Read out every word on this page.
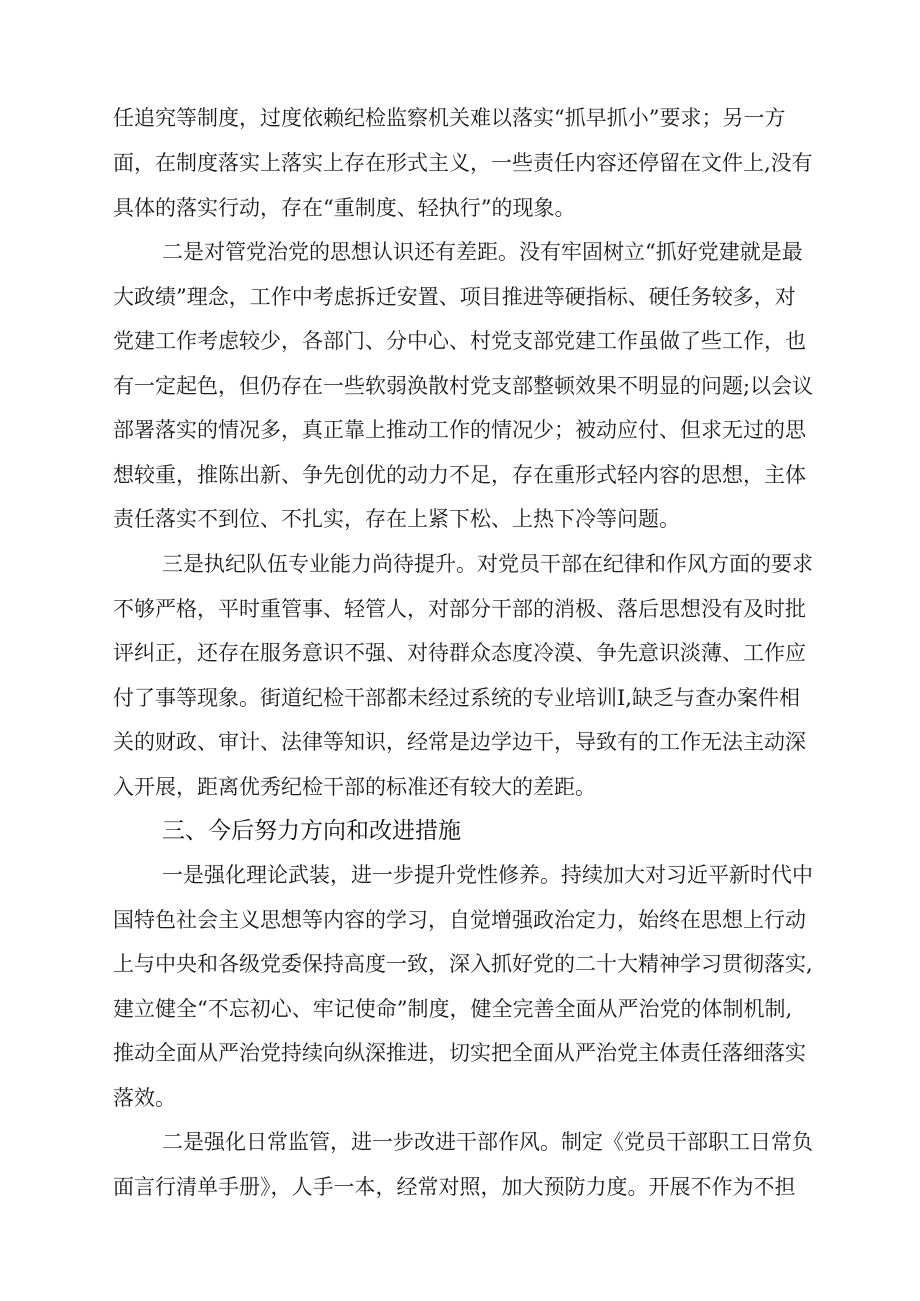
任追究等制度，过度依赖纪检监察机关难以落实“抓早抓小”要求；另一方

面，在制度落实上落实上存在形式主义，一些责任内容还停留在文件上,没有

具体的落实行动，存在“重制度、轻执行”的现象。

二是对管党治党的思想认识还有差距。没有牢固树立“抓好党建就是最

大政绩”理念，工作中考虑拆迁安置、项目推进等硬指标、硬任务较多，对

党建工作考虑较少，各部门、分中心、村党支部党建工作虽做了些工作，也

有一定起色，但仍存在一些软弱涣散村党支部整顿效果不明显的问题;以会议

部署落实的情况多，真正靠上推动工作的情况少；被动应付、但求无过的思

想较重，推陈出新、争先创优的动力不足，存在重形式轻内容的思想，主体

责任落实不到位、不扎实，存在上紧下松、上热下冷等问题。

三是执纪队伍专业能力尚待提升。对党员干部在纪律和作风方面的要求

不够严格，平时重管事、轻管人，对部分干部的消极、落后思想没有及时批

评纠正，还存在服务意识不强、对待群众态度冷漠、争先意识淡薄、工作应

付了事等现象。街道纪检干部都未经过系统的专业培训I,缺乏与查办案件相

关的财政、审计、法律等知识，经常是边学边干，导致有的工作无法主动深

入开展，距离优秀纪检干部的标准还有较大的差距。

三、今后努力方向和改进措施

一是强化理论武装，进一步提升党性修养。持续加大对习近平新时代中

国特色社会主义思想等内容的学习，自觉增强政治定力，始终在思想上行动

上与中央和各级党委保持高度一致，深入抓好党的二十大精神学习贯彻落实,

建立健全“不忘初心、牢记使命”制度，健全完善全面从严治党的体制机制,

推动全面从严治党持续向纵深推进，切实把全面从严治党主体责任落细落实

落效。

二是强化日常监管，进一步改进干部作风。制定《党员干部职工日常负

面言行清单手册》，人手一本，经常对照，加大预防力度。开展不作为不担
